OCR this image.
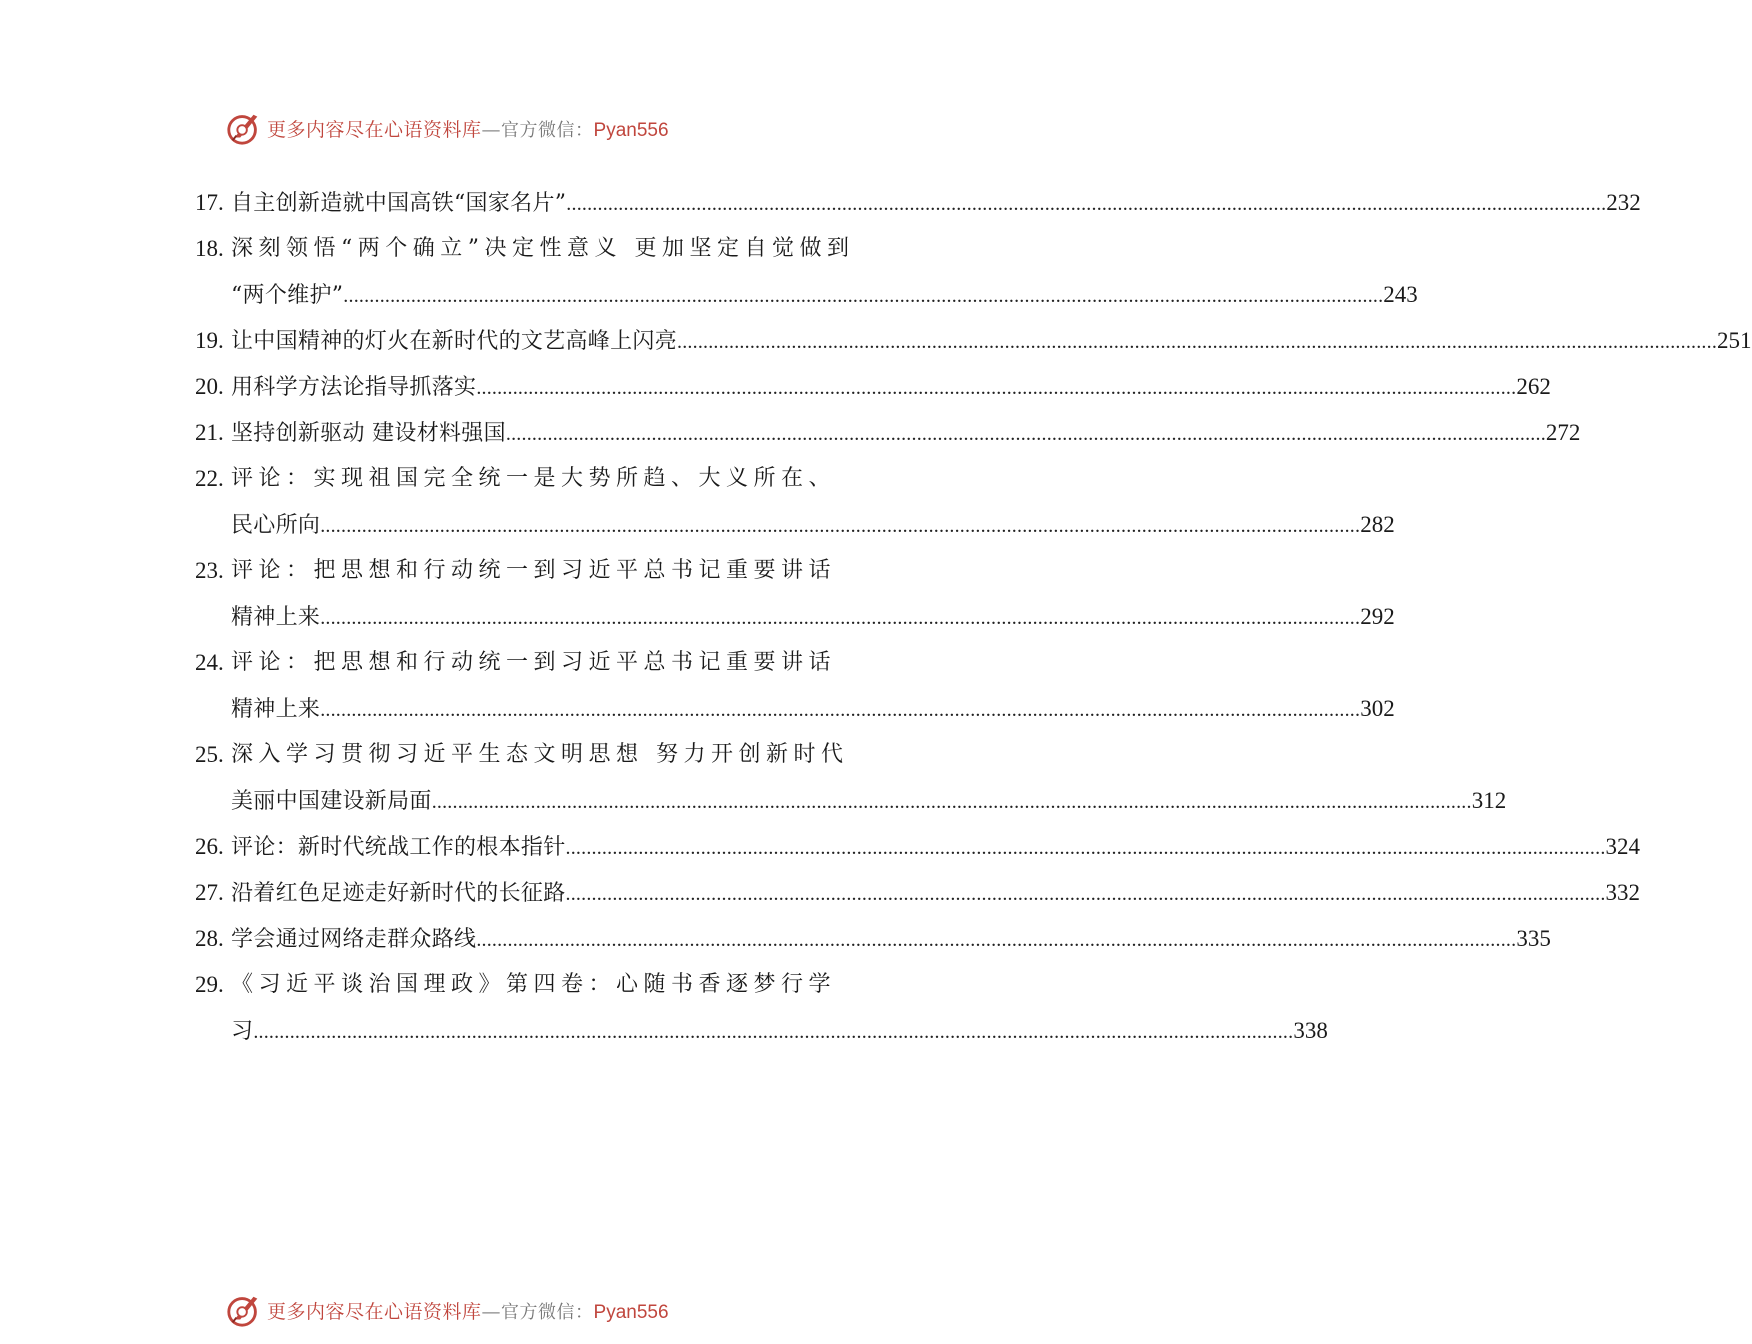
更多内容尽在心语资料库—官方微信：Pyan556
17. 自主创新造就中国高铁“国家名片” ........................................................................................................................................................................................................ 232
18. 深刻领悟“两个确立”决定性意义 更加坚定自觉做到
“两个维护” ........................................................................................................................................................................................................ 243
19. 让中国精神的灯火在新时代的文艺高峰上闪亮 ........................................................................................................................................................................................................ 251
20. 用科学方法论指导抓落实 ........................................................................................................................................................................................................ 262
21. 坚持创新驱动 建设材料强国 ........................................................................................................................................................................................................ 272
22. 评论：实现祖国完全统一是大势所趋、大义所在、
民心所向 ........................................................................................................................................................................................................ 282
23. 评论：把思想和行动统一到习近平总书记重要讲话
精神上来 ........................................................................................................................................................................................................ 292
24. 评论：把思想和行动统一到习近平总书记重要讲话
精神上来 ........................................................................................................................................................................................................ 302
25. 深入学习贯彻习近平生态文明思想 努力开创新时代
美丽中国建设新局面 ........................................................................................................................................................................................................ 312
26. 评论：新时代统战工作的根本指针 ........................................................................................................................................................................................................ 324
27. 沿着红色足迹走好新时代的长征路 ........................................................................................................................................................................................................ 332
28. 学会通过网络走群众路线 ........................................................................................................................................................................................................ 335
29. 《习近平谈治国理政》第四卷：心随书香逐梦行学
习 ........................................................................................................................................................................................................ 338
更多内容尽在心语资料库—官方微信：Pyan556
